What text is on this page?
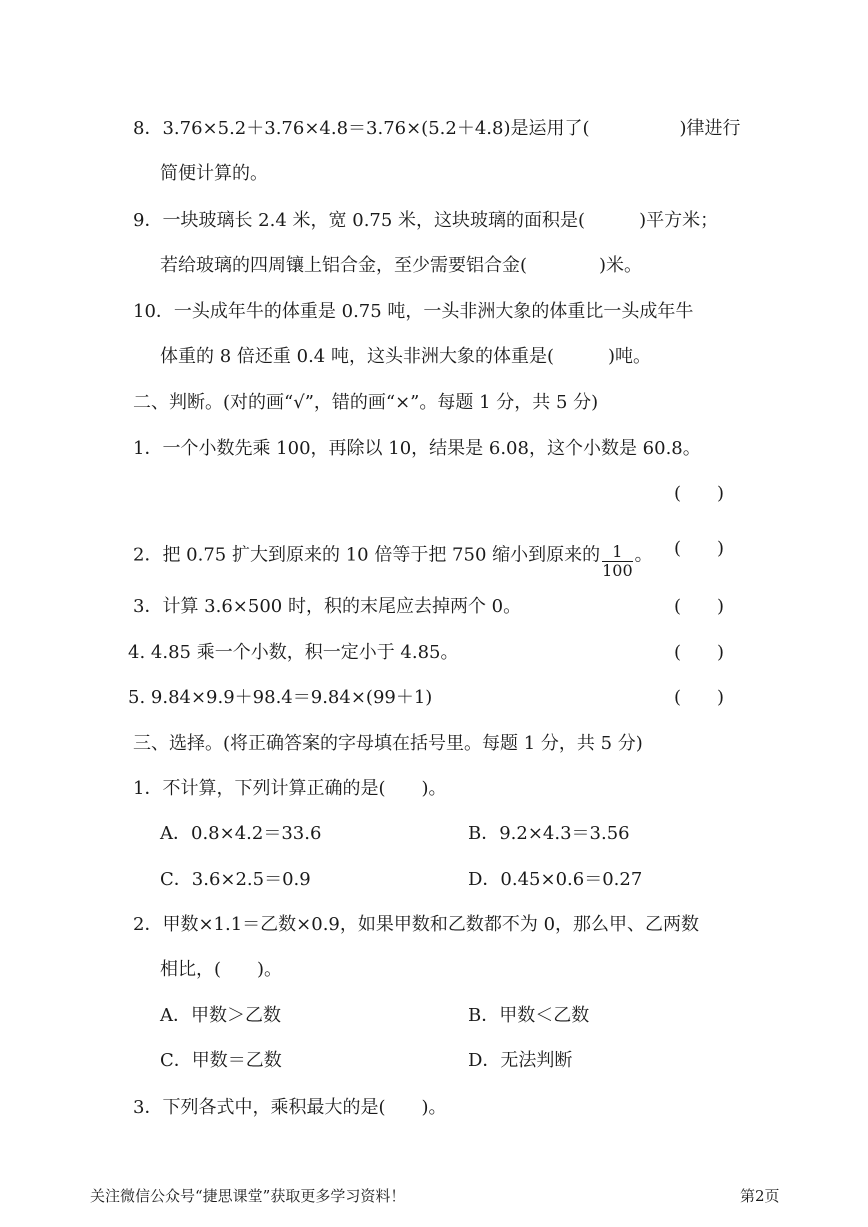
8．3.76×5.2＋3.76×4.8＝3.76×(5.2＋4.8)是运用了(　　　　　)律进行
简便计算的。
9．一块玻璃长 2.4 米，宽 0.75 米，这块玻璃的面积是(　　　)平方米；
若给玻璃的四周镶上铝合金，至少需要铝合金(　　　　)米。
10．一头成年牛的体重是 0.75 吨，一头非洲大象的体重比一头成年牛
体重的 8 倍还重 0.4 吨，这头非洲大象的体重是(　　　)吨。
二、判断。(对的画“√”，错的画“×”。每题 1 分，共 5 分)
1．一个小数先乘 100，再除以 10，结果是 6.08，这个小数是 60.8。
(　　)
2．把 0.75 扩大到原来的 10 倍等于把 750 缩小到原来的 $\frac{1}{100}$ 。 (　　)
3．计算 3.6×500 时，积的末尾应去掉两个 0。	(　　)
4. 4.85 乘一个小数，积一定小于 4.85。	(　　)
5. 9.84×9.9＋98.4＝9.84×(99＋1)	(　　)
三、选择。(将正确答案的字母填在括号里。每题 1 分，共 5 分)
1．不计算，下列计算正确的是(　　)。
A．0.8×4.2＝33.6	B．9.2×4.3＝3.56
C．3.6×2.5＝0.9	D．0.45×0.6＝0.27
2．甲数×1.1＝乙数×0.9，如果甲数和乙数都不为 0，那么甲、乙两数
相比，(　　)。
A．甲数＞乙数	B．甲数＜乙数
C．甲数＝乙数	D．无法判断
3．下列各式中，乘积最大的是(　　)。
关注微信公众号“捷思课堂”获取更多学习资料！	第2页
